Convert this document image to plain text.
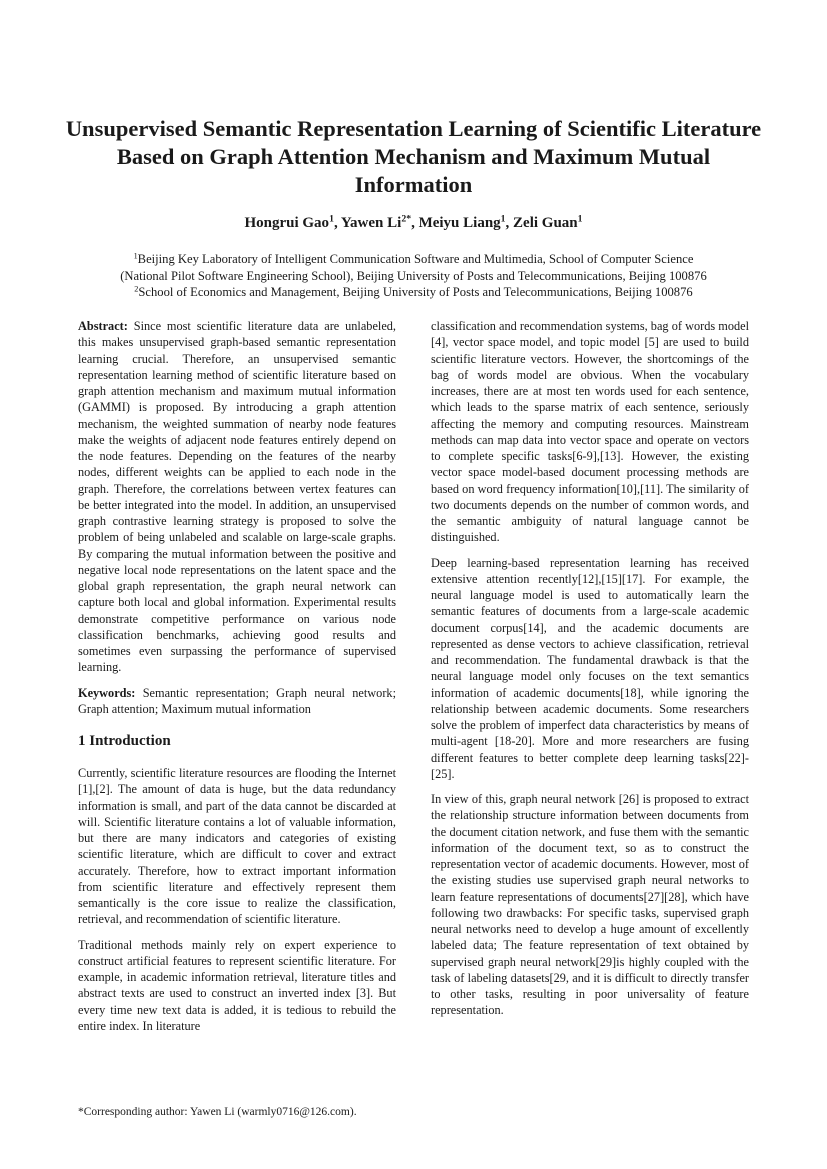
Unsupervised Semantic Representation Learning of Scientific Literature Based on Graph Attention Mechanism and Maximum Mutual Information
Hongrui Gao$^1$, Yawen $Li^{2*}$, Meiyu Liang$^1$, Zeli Guan$^1$
$^1$Beijing Key Laboratory of Intelligent Communication Software and Multimedia, School of Computer Science
(National Pilot Software Engineering School), Beijing University of Posts and Telecommunications, Beijing 100876
$^2$School of Economics and Management, Beijing University of Posts and Telecommunications, Beijing 100876

Abstract: Since most scientific literature data are unlabeled, this makes unsupervised graph-based semantic representation learning crucial. Therefore, an unsupervised semantic representation learning method of scientific literature based on graph attention mechanism and maximum mutual information (GAMMI) is proposed. By introducing a graph attention mechanism, the weighted summation of nearby node features make the weights of adjacent node features entirely depend on the node features. Depending on the features of the nearby nodes, different weights can be applied to each node in the graph. Therefore, the correlations between vertex features can be better integrated into the model. In addition, an unsupervised graph contrastive learning strategy is proposed to solve the problem of being unlabeled and scalable on large-scale graphs. By comparing the mutual information between the positive and negative local node representations on the latent space and the global graph representation, the graph neural network can capture both local and global information. Experimental results demonstrate competitive performance on various node classification benchmarks, achieving good results and sometimes even surpassing the performance of supervised learning.

Keywords: Semantic representation; Graph neural network; Graph attention; Maximum mutual information

1 Introduction

Currently, scientific literature resources are flooding the Internet [1],[2]. The amount of data is huge, but the data redundancy information is small, and part of the data cannot be discarded at will. Scientific literature contains a lot of valuable information, but there are many indicators and categories of existing scientific literature, which are difficult to cover and extract accurately. Therefore, how to extract important information from scientific literature and effectively represent them semantically is the core issue to realize the classification, retrieval, and recommendation of scientific literature.

Traditional methods mainly rely on expert experience to construct artificial features to represent scientific literature. For example, in academic information retrieval, literature titles and abstract texts are used to construct an inverted index [3]. But every time new text data is added, it is tedious to rebuild the entire index. In literature

classification and recommendation systems, bag of words model [4], vector space model, and topic model [5] are used to build scientific literature vectors. However, the shortcomings of the bag of words model are obvious. When the vocabulary increases, there are at most ten words used for each sentence, which leads to the sparse matrix of each sentence, seriously affecting the memory and computing resources. Mainstream methods can map data into vector space and operate on vectors to complete specific tasks[6-9],[13]. However, the existing vector space model-based document processing methods are based on word frequency information[10],[11]. The similarity of two documents depends on the number of common words, and the semantic ambiguity of natural language cannot be distinguished.

Deep learning-based representation learning has received extensive attention recently[12],[15][17]. For example, the neural language model is used to automatically learn the semantic features of documents from a large-scale academic document corpus[14], and the academic documents are represented as dense vectors to achieve classification, retrieval and recommendation. The fundamental drawback is that the neural language model only focuses on the text semantics information of academic documents[18], while ignoring the relationship between academic documents. Some researchers solve the problem of imperfect data characteristics by means of multi-agent [18-20]. More and more researchers are fusing different features to better complete deep learning tasks[22]-[25].

In view of this, graph neural network [26] is proposed to extract the relationship structure information between documents from the document citation network, and fuse them with the semantic information of the document text, so as to construct the representation vector of academic documents. However, most of the existing studies use supervised graph neural networks to learn feature representations of documents[27][28], which have following two drawbacks: For specific tasks, supervised graph neural networks need to develop a huge amount of excellently labeled data; The feature representation of text obtained by supervised graph neural network[29]is highly coupled with the task of labeling datasets[29, and it is difficult to directly transfer to other tasks, resulting in poor universality of feature representation.

*Corresponding author: Yawen Li (warmly0716@126.com).
